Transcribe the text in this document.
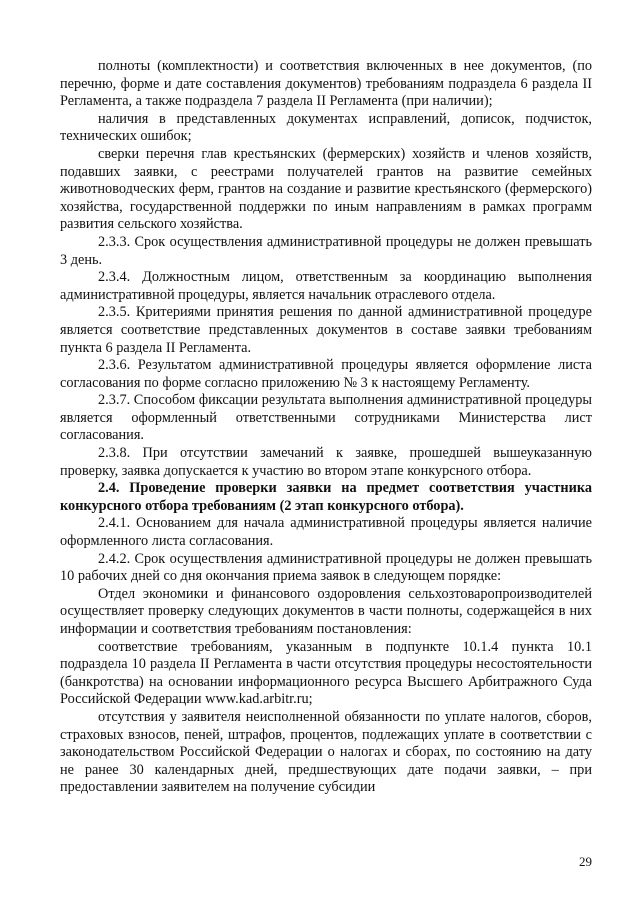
полноты (комплектности) и соответствия включенных в нее документов, (по перечню, форме и дате составления документов) требованиям подраздела 6 раздела II Регламента, а также подраздела 7 раздела II Регламента (при наличии);

наличия в представленных документах исправлений, дописок, подчисток, технических ошибок;

сверки перечня глав крестьянских (фермерских) хозяйств и членов хозяйств, подавших заявки, с реестрами получателей грантов на развитие семейных животноводческих ферм, грантов на создание и развитие крестьянского (фермерского) хозяйства, государственной поддержки по иным направлениям в рамках программ развития сельского хозяйства.

2.3.3. Срок осуществления административной процедуры не должен превышать 3 день.

2.3.4. Должностным лицом, ответственным за координацию выполнения административной процедуры, является начальник отраслевого отдела.

2.3.5. Критериями принятия решения по данной административной процедуре является соответствие представленных документов в составе заявки требованиям пункта 6 раздела II Регламента.

2.3.6. Результатом административной процедуры является оформление листа согласования по форме согласно приложению № 3 к настоящему Регламенту.

2.3.7. Способом фиксации результата выполнения административной процедуры является оформленный ответственными сотрудниками Министерства лист согласования.

2.3.8. При отсутствии замечаний к заявке, прошедшей вышеуказанную проверку, заявка допускается к участию во втором этапе конкурсного отбора.

2.4. Проведение проверки заявки на предмет соответствия участника конкурсного отбора требованиям (2 этап конкурсного отбора).

2.4.1. Основанием для начала административной процедуры является наличие оформленного листа согласования.

2.4.2. Срок осуществления административной процедуры не должен превышать 10 рабочих дней со дня окончания приема заявок в следующем порядке:

Отдел экономики и финансового оздоровления сельхозтоваропроизводителей осуществляет проверку следующих документов в части полноты, содержащейся в них информации и соответствия требованиям постановления:

соответствие требованиям, указанным в подпункте 10.1.4 пункта 10.1 подраздела 10 раздела II Регламента в части отсутствия процедуры несостоятельности (банкротства) на основании информационного ресурса Высшего Арбитражного Суда Российской Федерации www.kad.arbitr.ru;

отсутствия у заявителя неисполненной обязанности по уплате налогов, сборов, страховых взносов, пеней, штрафов, процентов, подлежащих уплате в соответствии с законодательством Российской Федерации о налогах и сборах, по состоянию на дату не ранее 30 календарных дней, предшествующих дате подачи заявки, – при предоставлении заявителем на получение субсидии

29
